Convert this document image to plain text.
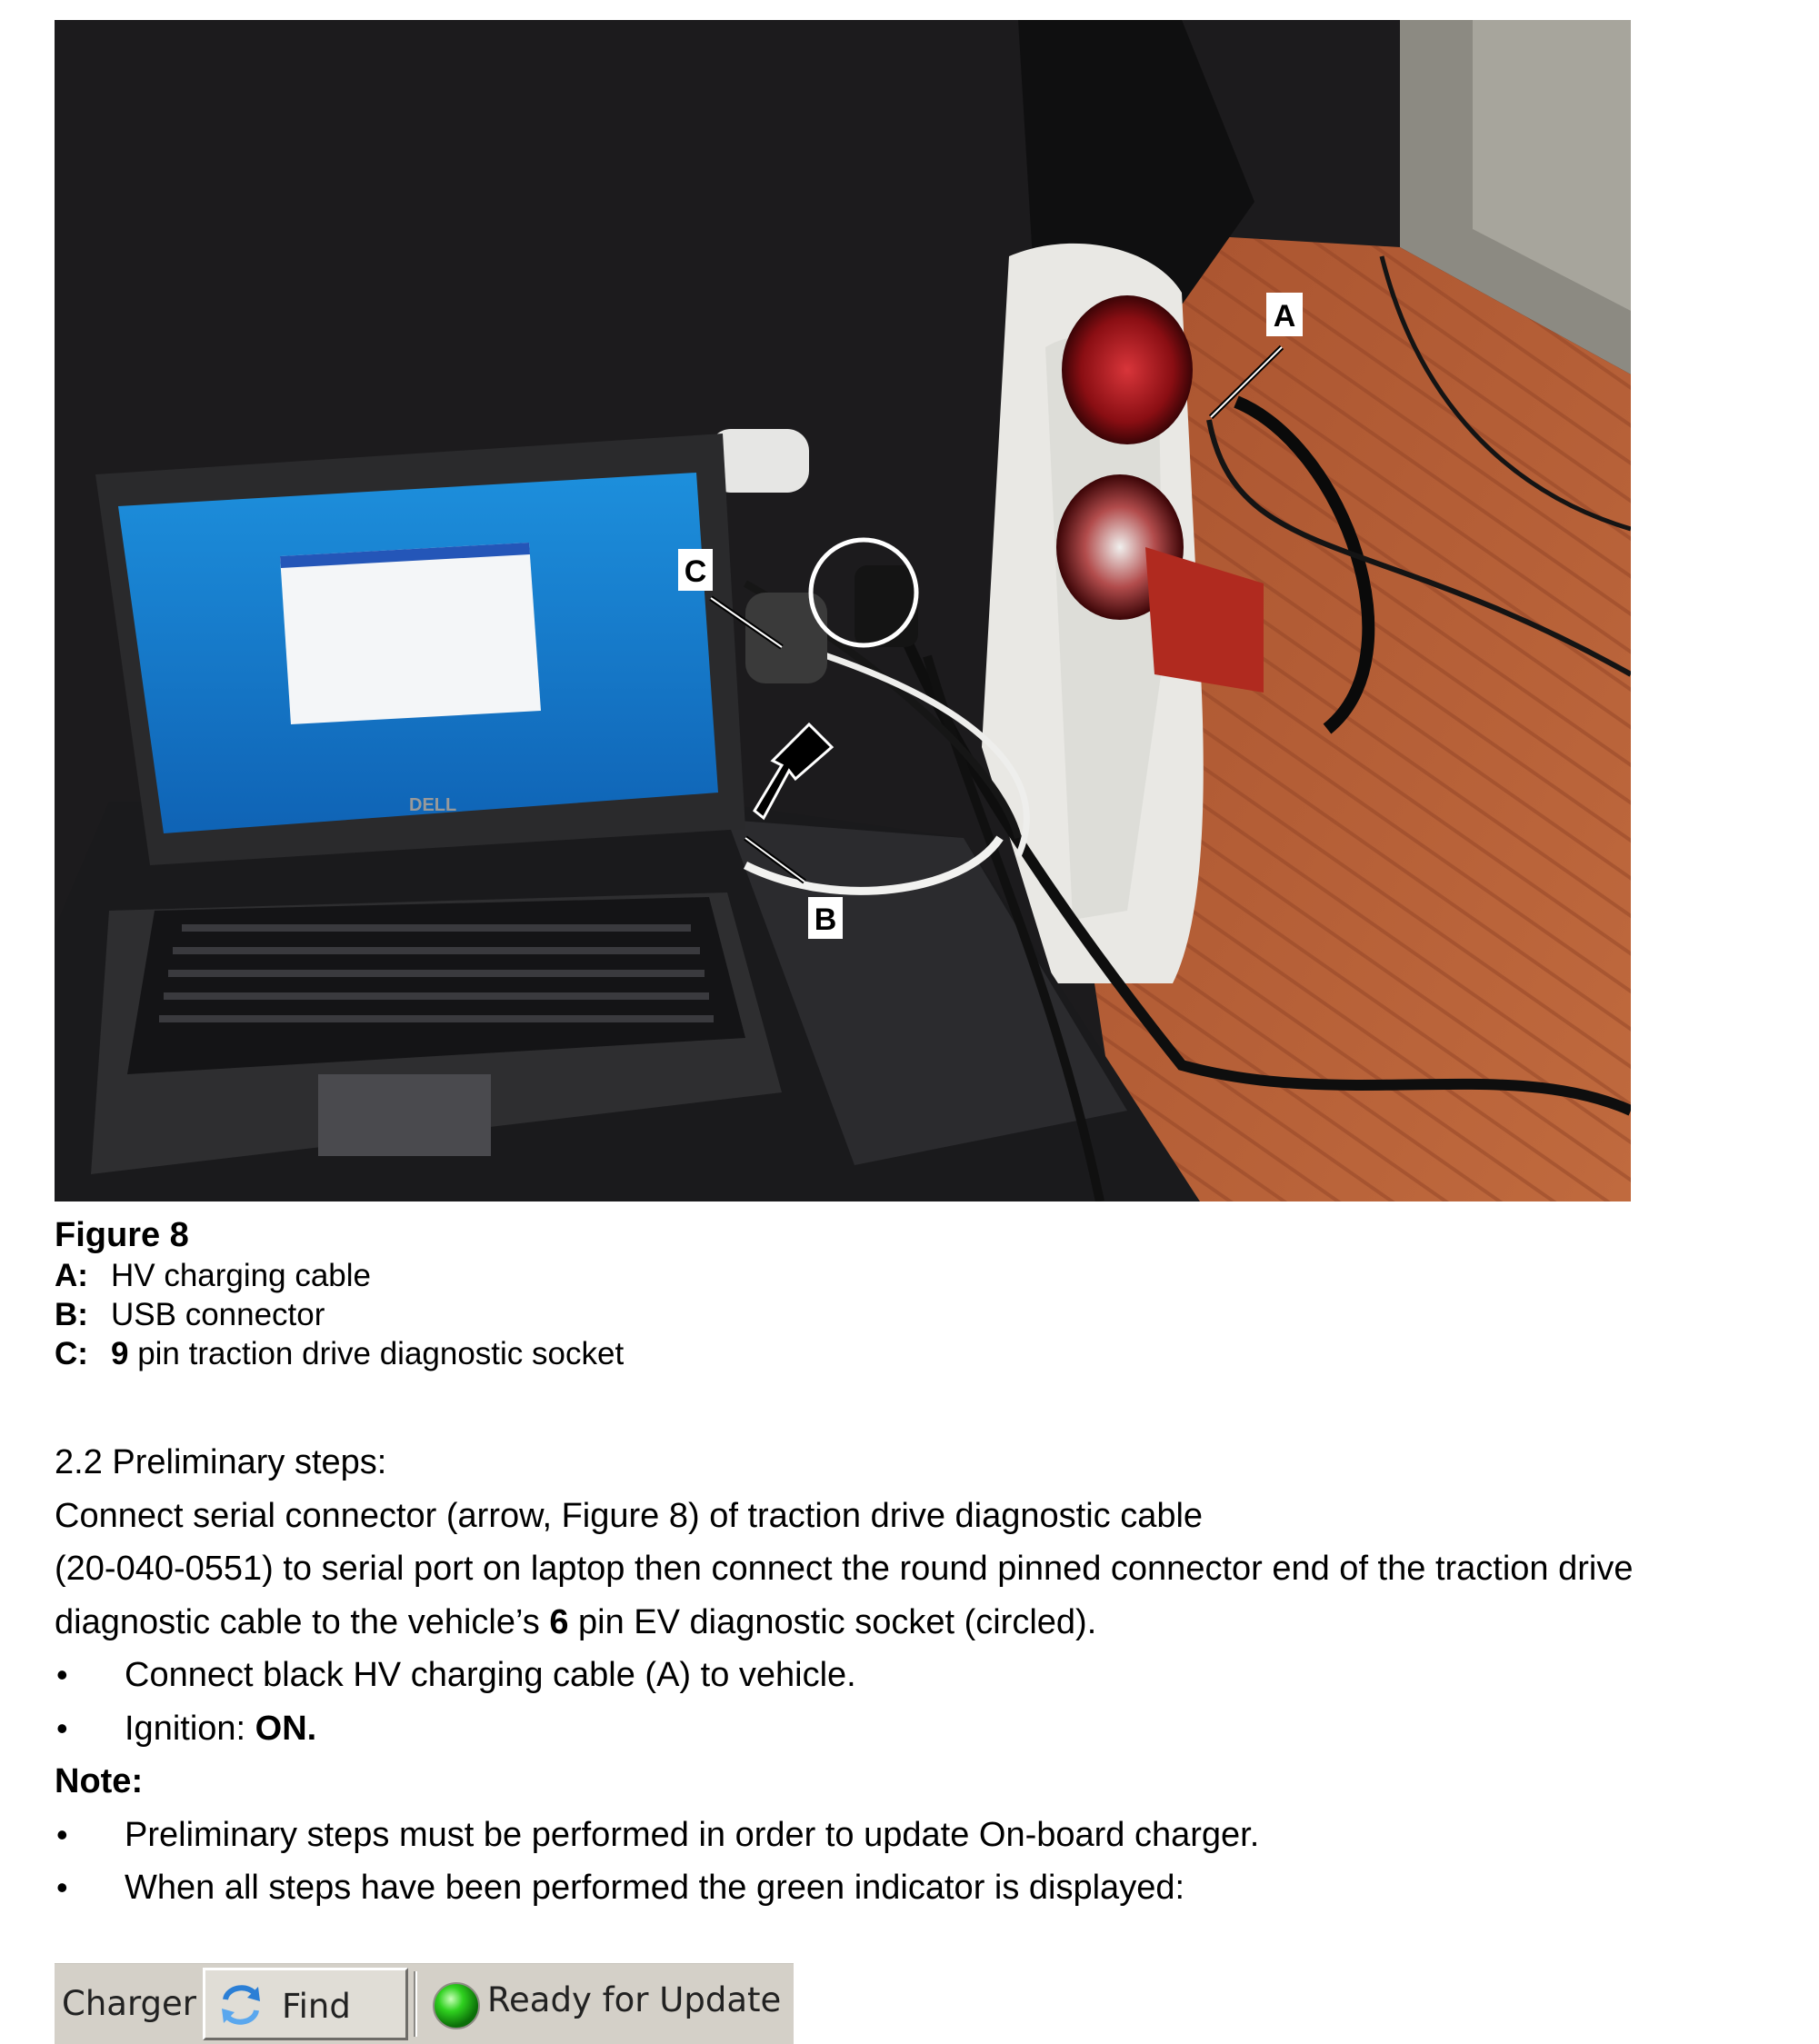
DELL
A
B
C
Figure 8
A: HV charging cable
B: USB connector
C: 9 pin traction drive diagnostic socket
2.2 Preliminary steps:
Connect serial connector (arrow, Figure 8) of traction drive diagnostic cable
(20-040-0551) to serial port on laptop then connect the round pinned connector end of the traction drive
diagnostic cable to the vehicle’s 6 pin EV diagnostic socket (circled).
• Connect black HV charging cable (A) to vehicle.
• Ignition: ON.
Note:
• Preliminary steps must be performed in order to update On-board charger.
• When all steps have been performed the green indicator is displayed:
Charger	Find	Ready for Update
